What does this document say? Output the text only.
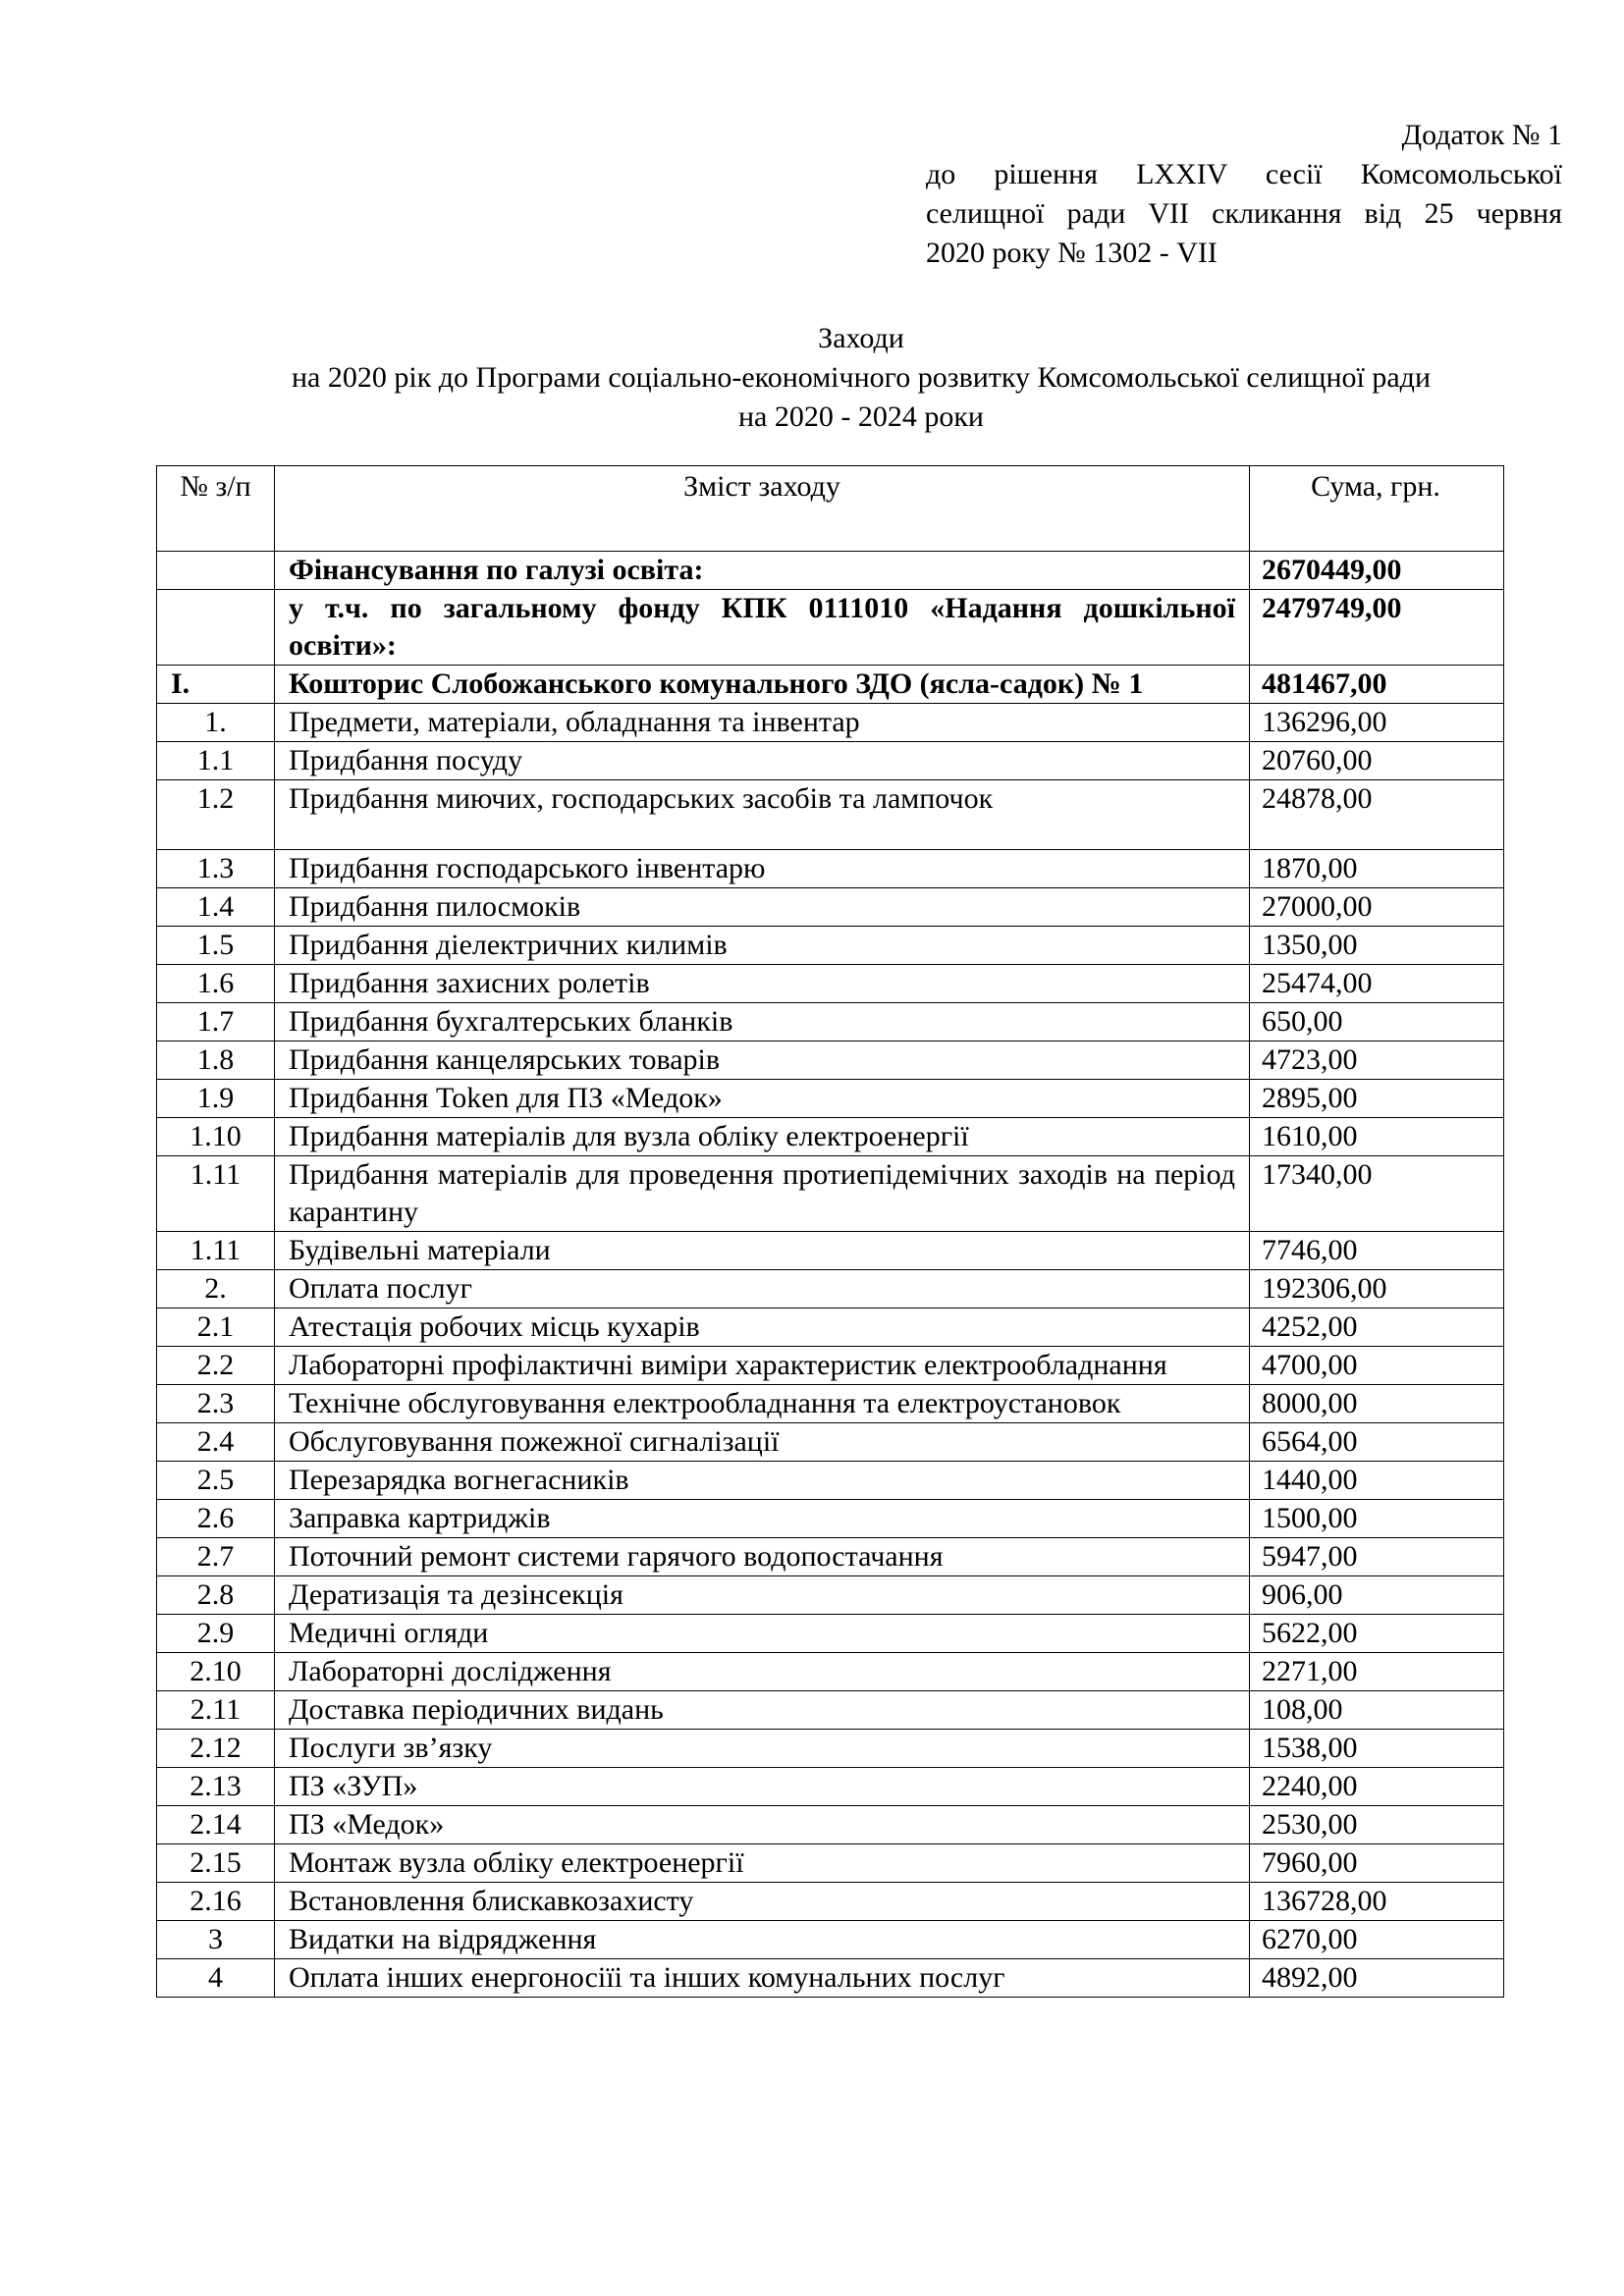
Додаток № 1
до рішення LXXIV сесії Комсомольської
селищної ради VII скликання від 25 червня
2020 року № 1302 - VII
Заходи
на 2020 рік до Програми соціально-економічного розвитку Комсомольської селищної ради
на 2020 - 2024 роки
№ з/п	Зміст заходу	Сума, грн.
	Фінансування по галузі освіта:	2670449,00
	у т.ч. по загальному фонду КПК 0111010 «Надання дошкільної освіти»:	2479749,00
I.	Кошторис Слобожанського комунального ЗДО (ясла-садок) № 1	481467,00
1.	Предмети, матеріали, обладнання та інвентар	136296,00
1.1	Придбання посуду	20760,00
1.2	Придбання миючих, господарських засобів та лампочок	24878,00
1.3	Придбання господарського інвентарю	1870,00
1.4	Придбання пилосмоків	27000,00
1.5	Придбання діелектричних килимів	1350,00
1.6	Придбання захисних ролетів	25474,00
1.7	Придбання бухгалтерських бланків	650,00
1.8	Придбання канцелярських товарів	4723,00
1.9	Придбання Token для ПЗ «Медок»	2895,00
1.10	Придбання матеріалів для вузла обліку електроенергії	1610,00
1.11	Придбання матеріалів для проведення протиепідемічних заходів на період карантину	17340,00
1.11	Будівельні матеріали	7746,00
2.	Оплата послуг	192306,00
2.1	Атестація робочих місць кухарів	4252,00
2.2	Лабораторні профілактичні виміри характеристик електрообладнання	4700,00
2.3	Технічне обслуговування електрообладнання та електроустановок	8000,00
2.4	Обслуговування пожежної сигналізації	6564,00
2.5	Перезарядка вогнегасників	1440,00
2.6	Заправка картриджів	1500,00
2.7	Поточний ремонт системи гарячого водопостачання	5947,00
2.8	Дератизація та дезінсекція	906,00
2.9	Медичні огляди	5622,00
2.10	Лабораторні дослідження	2271,00
2.11	Доставка періодичних видань	108,00
2.12	Послуги зв’язку	1538,00
2.13	ПЗ «ЗУП»	2240,00
2.14	ПЗ «Медок»	2530,00
2.15	Монтаж вузла обліку електроенергії	7960,00
2.16	Встановлення блискавкозахисту	136728,00
3	Видатки на відрядження	6270,00
4	Оплата інших енергоносіїі та інших комунальних послуг	4892,00
